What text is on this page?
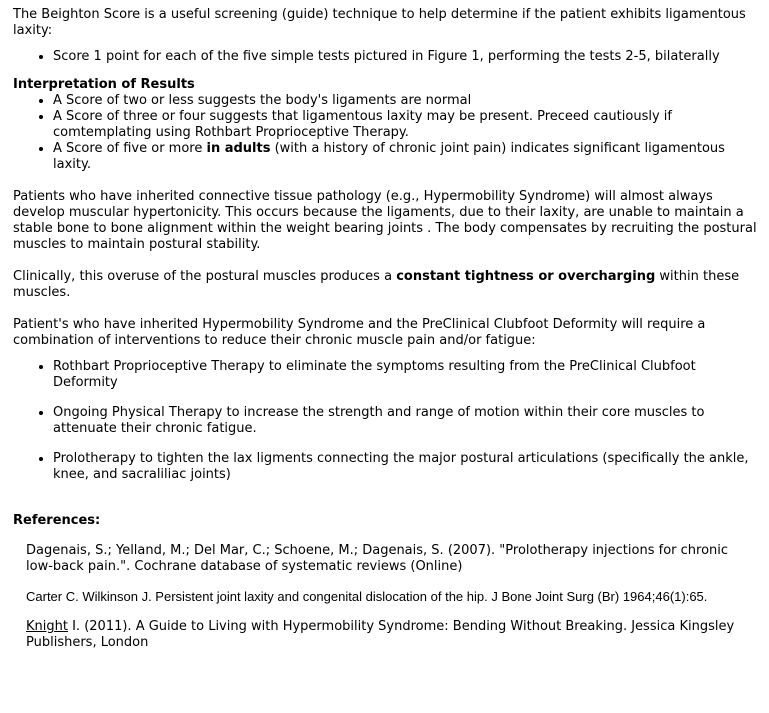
The Beighton Score is a useful screening (guide) technique to help determine if the patient exhibits ligamentous laxity:

• Score 1 point for each of the five simple tests pictured in Figure 1, performing the tests 2-5, bilaterally

Interpretation of Results

• A Score of two or less suggests the body's ligaments are normal
• A Score of three or four suggests that ligamentous laxity may be present. Preceed cautiously if comtemplating using Rothbart Proprioceptive Therapy.
• A Score of five or more in adults (with a history of chronic joint pain) indicates significant ligamentous laxity.

Patients who have inherited connective tissue pathology (e.g., Hypermobility Syndrome) will almost always develop muscular hypertonicity. This occurs because the ligaments, due to their laxity, are unable to maintain a stable bone to bone alignment within the weight bearing joints . The body compensates by recruiting the postural muscles to maintain postural stability.

Clinically, this overuse of the postural muscles produces a constant tightness or overcharging within these muscles.

Patient's who have inherited Hypermobility Syndrome and the PreClinical Clubfoot Deformity will require a combination of interventions to reduce their chronic muscle pain and/or fatigue:

• Rothbart Proprioceptive Therapy to eliminate the symptoms resulting from the PreClinical Clubfoot Deformity
• Ongoing Physical Therapy to increase the strength and range of motion within their core muscles to attenuate their chronic fatigue.
• Prolotherapy to tighten the lax ligments connecting the major postural articulations (specifically the ankle, knee, and sacraliliac joints)

References:

Dagenais, S.; Yelland, M.; Del Mar, C.; Schoene, M.; Dagenais, S. (2007). "Prolotherapy injections for chronic low-back pain.". Cochrane database of systematic reviews (Online)

Carter C. Wilkinson J. Persistent joint laxity and congenital dislocation of the hip. J Bone Joint Surg (Br) 1964;46(1):65.

Knight I. (2011). A Guide to Living with Hypermobility Syndrome: Bending Without Breaking. Jessica Kingsley Publishers, London
